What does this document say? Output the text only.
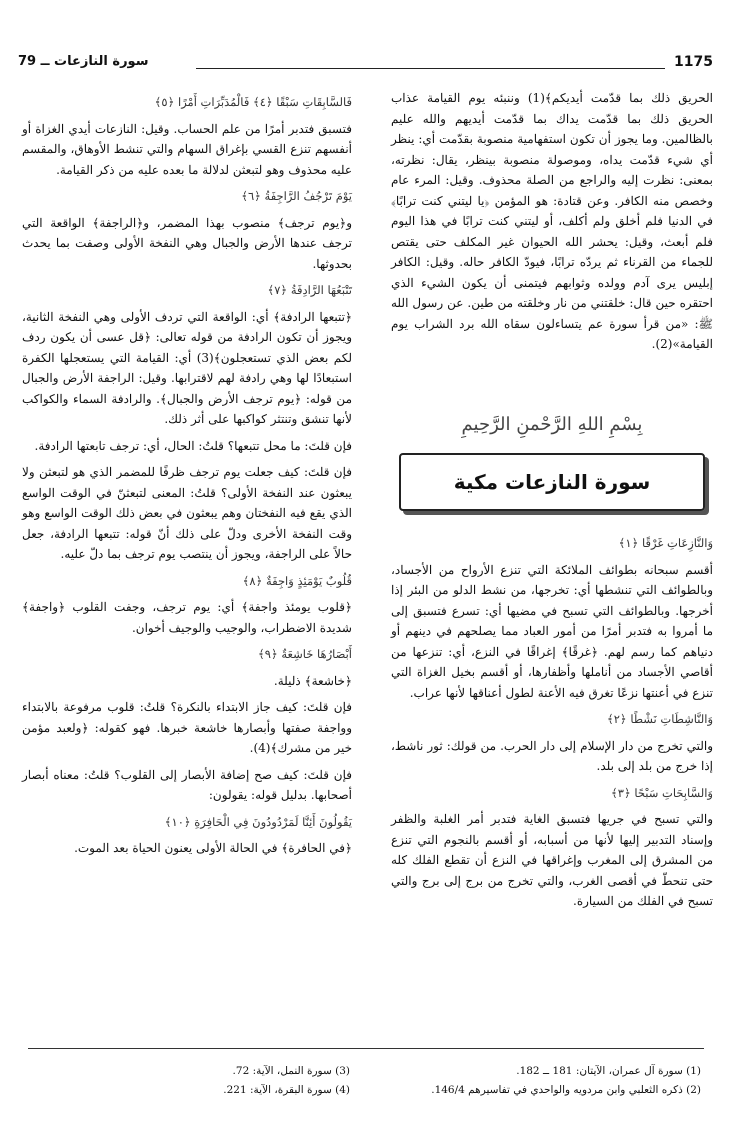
1175
سورة النازعات ــ 79

الحريق ذلك بما قدّمت أيديكم﴾(1) وننبئه يوم القيامة عذاب الحريق ذلك بما قدّمت يداك بما قدّمت أيديهم والله عليم بالظالمين. وما يجوز أن تكون استفهامية منصوبة بقدّمت أي: ينظر أي شيء قدّمت يداه، وموصولة منصوبة بينظر، يقال: نظرته، بمعنى: نظرت إليه والراجع من الصلة محذوف. وقيل: المرء عام وخصص منه الكافر. وعن قتادة: هو المؤمن ﴿يا ليتني كنت ترابًا﴾ في الدنيا فلم أخلق ولم أكلف، أو ليتني كنت ترابًا في هذا اليوم فلم أبعث، وقيل: يحشر الله الحيوان غير المكلف حتى يقتص للجماء من القرناء ثم يردّه ترابًا، فيودّ الكافر حاله. وقيل: الكافر إبليس يرى آدم وولده وثوابهم فيتمنى أن يكون الشيء الذي احتقره حين قال: خلقتني من نار وخلقته من طين. عن رسول الله ﷺ: «من قرأ سورة عم يتساءلون سقاه الله برد الشراب يوم القيامة»(2).

بِسْمِ اللهِ الرَّحْمنِ الرَّحِيمِ
سورة النازعات مكية
وَالنَّازِعَاتِ غَرْقًا ﴿١﴾

أقسم سبحانه بطوائف الملائكة التي تنزع الأرواح من الأجساد، وبالطوائف التي تنشطها أي: تخرجها، من نشط الدلو من البئر إذا أخرجها. وبالطوائف التي تسبح في مضيها أي: تسرع فتسبق إلى ما أمروا به فتدبر أمرًا من أمور العباد مما يصلحهم في دينهم أو دنياهم كما رسم لهم. ﴿غرقًا﴾ إغراقًا في النزع، أي: تنزعها من أقاصي الأجساد من أناملها وأظفارها، أو أقسم بخيل الغزاة التي تنزع في أعنتها نزعًا تغرق فيه الأعنة لطول أعناقها لأنها عراب.

وَالنَّاشِطَاتِ نَشْطًا ﴿٢﴾

والتي تخرج من دار الإسلام إلى دار الحرب. من قولك: ثور ناشط، إذا خرج من بلد إلى بلد.

وَالسَّابِحَاتِ سَبْحًا ﴿٣﴾

والتي تسبح في جريها فتسبق الغاية فتدبر أمر الغلبة والظفر وإسناد التدبير إليها لأنها من أسبابه، أو أقسم بالنجوم التي تنزع من المشرق إلى المغرب وإغراقها في النزع أن تقطع الفلك كله حتى تنحطّ في أقصى الغرب، والتي تخرج من برج إلى برج والتي تسبح في الفلك من السيارة.

فَالسَّابِقَاتِ سَبْقًا ﴿٤﴾ فَالْمُدَبِّرَاتِ أَمْرًا ﴿٥﴾

فتسبق فتدبر أمرًا من علم الحساب. وقيل: النازعات أيدي الغزاة أو أنفسهم تنزع القسي بإغراق السهام والتي تنشط الأوهاق، والمقسم عليه محذوف وهو لتبعثن لدلالة ما بعده عليه من ذكر القيامة.

يَوْمَ تَرْجُفُ الرَّاجِفَةُ ﴿٦﴾

و﴿يوم ترجف﴾ منصوب بهذا المضمر، و﴿الراجفة﴾ الواقعة التي ترجف عندها الأرض والجبال وهي النفخة الأولى وصفت بما يحدث بحدوثها.

تَتْبَعُهَا الرَّادِفَةُ ﴿٧﴾

﴿تتبعها الرادفة﴾ أي: الواقعة التي تردف الأولى وهي النفخة الثانية، ويجوز أن تكون الرادفة من قوله تعالى: ﴿قل عسى أن يكون ردف لكم بعض الذي تستعجلون﴾(3) أي: القيامة التي يستعجلها الكفرة استبعادًا لها وهي رادفة لهم لاقترابها. وقيل: الراجفة الأرض والجبال من قوله: ﴿يوم ترجف الأرض والجبال﴾. والرادفة السماء والكواكب لأنها تنشق وتنتثر كواكبها على أثر ذلك.

فإن قلتَ: ما محل تتبعها؟ قلتُ: الحال، أي: ترجف تابعتها الرادفة.

فإن قلتَ: كيف جعلت يوم ترجف ظرفًا للمضمر الذي هو لتبعثن ولا يبعثون عند النفخة الأولى؟ قلتُ: المعنى لتبعثنّ في الوقت الواسع الذي يقع فيه النفختان وهم يبعثون في بعض ذلك الوقت الواسع وهو وقت النفخة الأخرى ودلّ على ذلك أنّ قوله: تتبعها الرادفة، جعل حالاً على الراجفة، ويجوز أن ينتصب يوم ترجف بما دلّ عليه.

قُلُوبٌ يَوْمَئِذٍ وَاجِفَةٌ ﴿٨﴾

﴿قلوب يومئذ واجفة﴾ أي: يوم ترجف، وجفت القلوب ﴿واجفة﴾ شديدة الاضطراب، والوجيب والوجيف أخوان.

أَبْصَارُهَا خَاشِعَةٌ ﴿٩﴾

﴿خاشعة﴾ ذليلة.

فإن قلتَ: كيف جاز الابتداء بالنكرة؟ قلتُ: قلوب مرفوعة بالابتداء وواجفة صفتها وأبصارها خاشعة خبرها. فهو كقوله: ﴿ولعبد مؤمن خير من مشرك﴾(4).

فإن قلتَ: كيف صح إضافة الأبصار إلى القلوب؟ قلتُ: معناه أبصار أصحابها. بدليل قوله: يقولون:

يَقُولُونَ أَئِنَّا لَمَرْدُودُونَ فِي الْحَافِرَةِ ﴿١٠﴾

﴿في الحافرة﴾ في الحالة الأولى يعنون الحياة بعد الموت.

(1) سورة آل عمران، الآيتان: 181 ــ 182.
(2) ذكره الثعلبي وابن مردويه والواحدي في تفاسيرهم 146/4.
(3) سورة النمل، الآية: 72.
(4) سورة البقرة، الآية: 221.
